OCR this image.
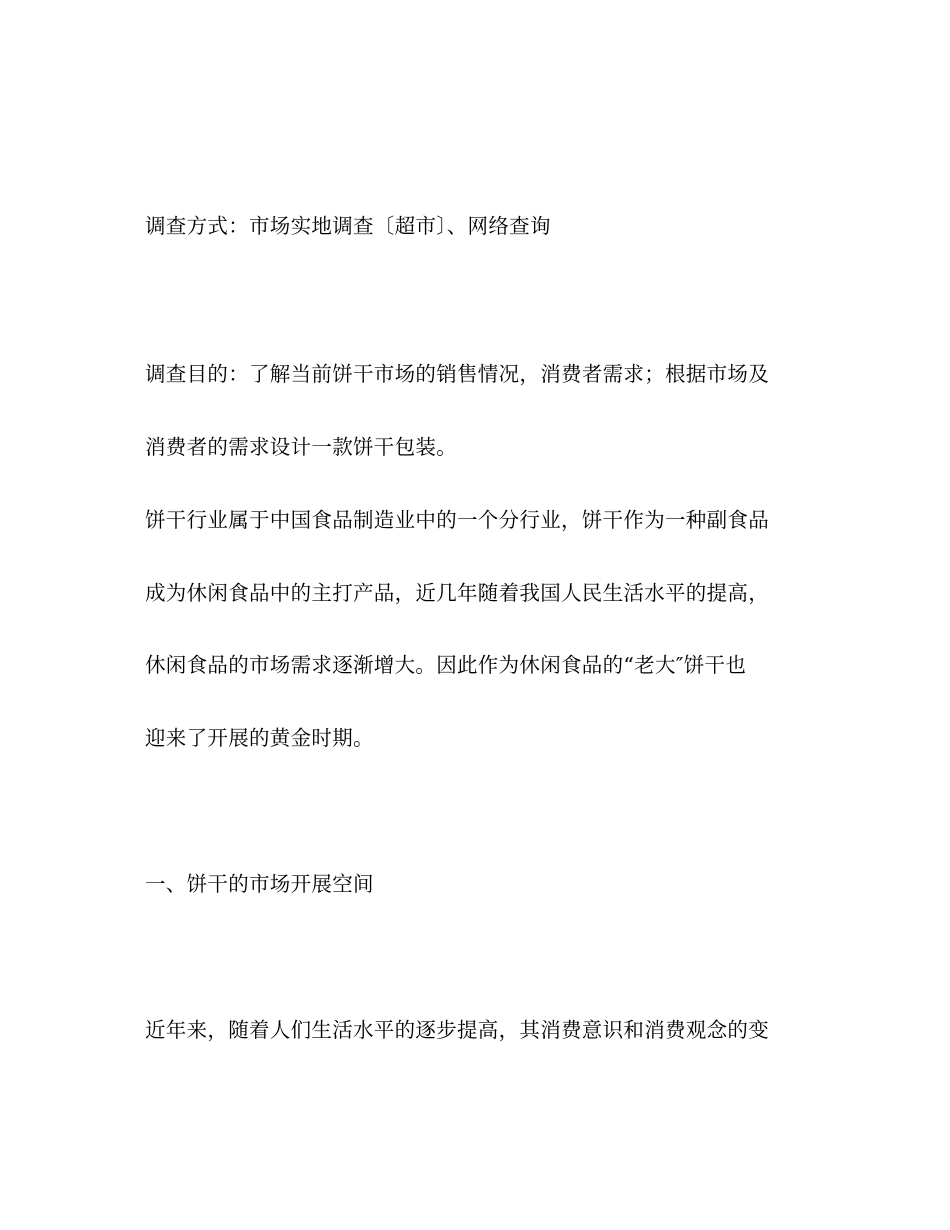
调查方式：市场实地调查〔超市〕、网络查询
调查目的：了解当前饼干市场的销售情况，消费者需求；根据市场及
消费者的需求设计一款饼干包装。
饼干行业属于中国食品制造业中的一个分行业，饼干作为一种副食品
成为休闲食品中的主打产品，近几年随着我国人民生活水平的提高，
休闲食品的市场需求逐渐增大。因此作为休闲食品的“老大″饼干也
迎来了开展的黄金时期。
一、饼干的市场开展空间
近年来，随着人们生活水平的逐步提高，其消费意识和消费观念的变
